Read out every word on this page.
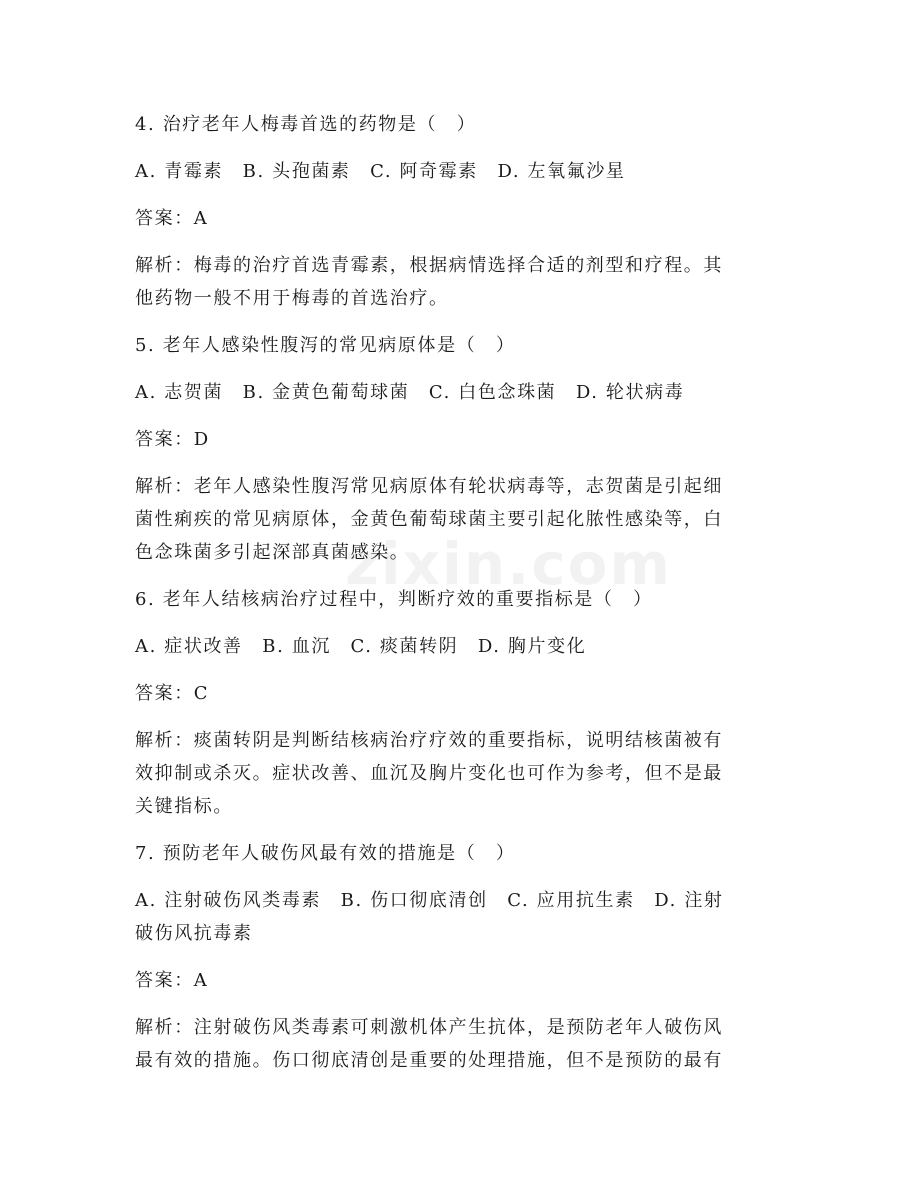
zixin.com

4. 治疗老年人梅毒首选的药物是（　）

A. 青霉素　B. 头孢菌素　C. 阿奇霉素　D. 左氧氟沙星

答案：A

解析：梅毒的治疗首选青霉素，根据病情选择合适的剂型和疗程。其

他药物一般不用于梅毒的首选治疗。

5. 老年人感染性腹泻的常见病原体是（　）

A. 志贺菌　B. 金黄色葡萄球菌　C. 白色念珠菌　D. 轮状病毒

答案：D

解析：老年人感染性腹泻常见病原体有轮状病毒等，志贺菌是引起细

菌性痢疾的常见病原体，金黄色葡萄球菌主要引起化脓性感染等，白

色念珠菌多引起深部真菌感染。

6. 老年人结核病治疗过程中，判断疗效的重要指标是（　）

A. 症状改善　B. 血沉　C. 痰菌转阴　D. 胸片变化

答案：C

解析：痰菌转阴是判断结核病治疗疗效的重要指标，说明结核菌被有

效抑制或杀灭。症状改善、血沉及胸片变化也可作为参考，但不是最

关键指标。

7. 预防老年人破伤风最有效的措施是（　）

A. 注射破伤风类毒素　B. 伤口彻底清创　C. 应用抗生素　D. 注射

破伤风抗毒素

答案：A

解析：注射破伤风类毒素可刺激机体产生抗体，是预防老年人破伤风

最有效的措施。伤口彻底清创是重要的处理措施，但不是预防的最有
